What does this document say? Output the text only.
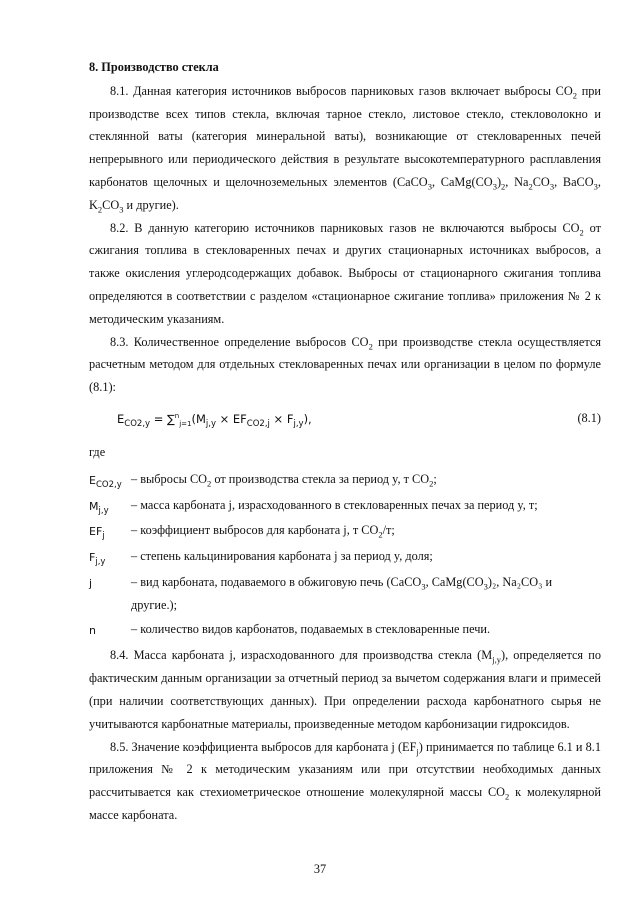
8. Производство стекла

8.1. Данная категория источников выбросов парниковых газов включает выбросы $CO_2$ при производстве всех типов стекла, включая тарное стекло, листовое стекло, стекловолокно и стеклянной ваты (категория минеральной ваты), возникающие от стекловаренных печей непрерывного или периодического действия в результате высокотемпературного расплавления карбонатов щелочных и щелочноземельных элементов (CaCO$_3$, $CaMg(CO_3)_2$, $Na_2CO_3$, BaCO$_3$, $K_2CO_3$ и другие).

8.2. В данную категорию источников парниковых газов не включаются выбросы $CO_2$ от сжигания топлива в стекловаренных печах и других стационарных источниках выбросов, а также окисления углеродсодержащих добавок. Выбросы от стационарного сжигания топлива определяются в соответствии с разделом «стационарное сжигание топлива» приложения № 2 к методическим указаниям.

8.3. Количественное определение выбросов $CO_2$ при производстве стекла осуществляется расчетным методом для отдельных стекловаренных печах или организации в целом по формуле (8.1):

$E_{CO2,y} = \sum^n_{j=1}(M_{j,y} \times EF_{CO2,j} \times F_{j,y})$,	(8.1)

где

$E_{CO2,y}$ – выбросы $CO_2$ от производства стекла за период y, т $CO_2$;
$M_{j,y}$	– масса карбоната j, израсходованного в стекловаренных печах за период y, т;
$EF_j$	– коэффициент выбросов для карбоната j, т $CO_2/т$;
$F_{j,y}$	– степень кальцинирования карбоната j за период y, доля;
j	– вид карбоната, подаваемого в обжиговую печь (CaCO$_3$, $CaMg(CO_3)_2$, Na₂CO₃ и другие.);
n	– количество видов карбонатов, подаваемых в стекловаренные печи.

8.4. Масса карбоната j, израсходованного для производства стекла $(M_{j,y})$, определяется по фактическим данным организации за отчетный период за вычетом содержания влаги и примесей (при наличии соответствующих данных). При определении расхода карбонатного сырья не учитываются карбонатные материалы, произведенные методом карбонизации гидроксидов.

8.5. Значение коэффициента выбросов для карбоната j $(EF_j)$ принимается по таблице 6.1 и 8.1 приложения № 2 к методическим указаниям или при отсутствии необходимых данных рассчитывается как стехиометрическое отношение молекулярной массы $CO_2$ к молекулярной массе карбоната.

37
